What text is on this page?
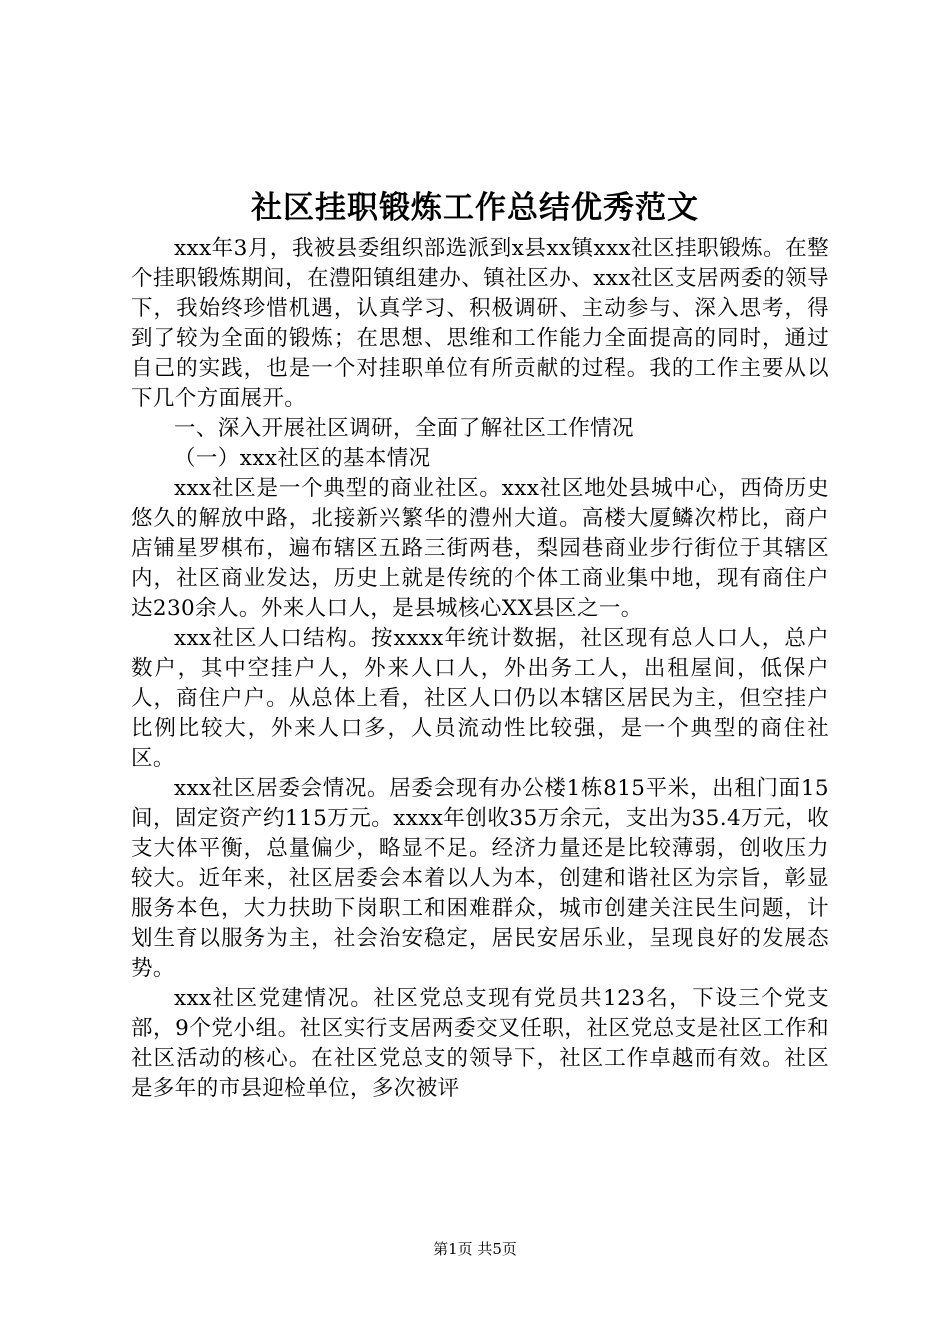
社区挂职锻炼工作总结优秀范文

xxx年3月，我被县委组织部选派到x县xx镇xxx社区挂职锻炼。在整个挂职锻炼期间，在澧阳镇组建办、镇社区办、xxx社区支居两委的领导下，我始终珍惜机遇，认真学习、积极调研、主动参与、深入思考，得到了较为全面的锻炼；在思想、思维和工作能力全面提高的同时，通过自己的实践，也是一个对挂职单位有所贡献的过程。我的工作主要从以下几个方面展开。

一、深入开展社区调研，全面了解社区工作情况

（一）xxx社区的基本情况

xxx社区是一个典型的商业社区。xxx社区地处县城中心，西倚历史悠久的解放中路，北接新兴繁华的澧州大道。高楼大厦鳞次栉比，商户店铺星罗棋布，遍布辖区五路三街两巷，梨园巷商业步行街位于其辖区内，社区商业发达，历史上就是传统的个体工商业集中地，现有商住户达230余人。外来人口人，是县城核心XX县区之一。

xxx社区人口结构。按xxxx年统计数据，社区现有总人口人，总户数户，其中空挂户人，外来人口人，外出务工人，出租屋间，低保户人，商住户户。从总体上看，社区人口仍以本辖区居民为主，但空挂户比例比较大，外来人口多，人员流动性比较强，是一个典型的商住社区。

xxx社区居委会情况。居委会现有办公楼1栋815平米，出租门面15间，固定资产约115万元。xxxx年创收35万余元，支出为35.4万元，收支大体平衡，总量偏少，略显不足。经济力量还是比较薄弱，创收压力较大。近年来，社区居委会本着以人为本，创建和谐社区为宗旨，彰显服务本色，大力扶助下岗职工和困难群众，城市创建关注民生问题，计划生育以服务为主，社会治安稳定，居民安居乐业，呈现良好的发展态势。

xxx社区党建情况。社区党总支现有党员共123名，下设三个党支部，9个党小组。社区实行支居两委交叉任职，社区党总支是社区工作和社区活动的核心。在社区党总支的领导下，社区工作卓越而有效。社区是多年的市县迎检单位，多次被评

第1页 共5页
